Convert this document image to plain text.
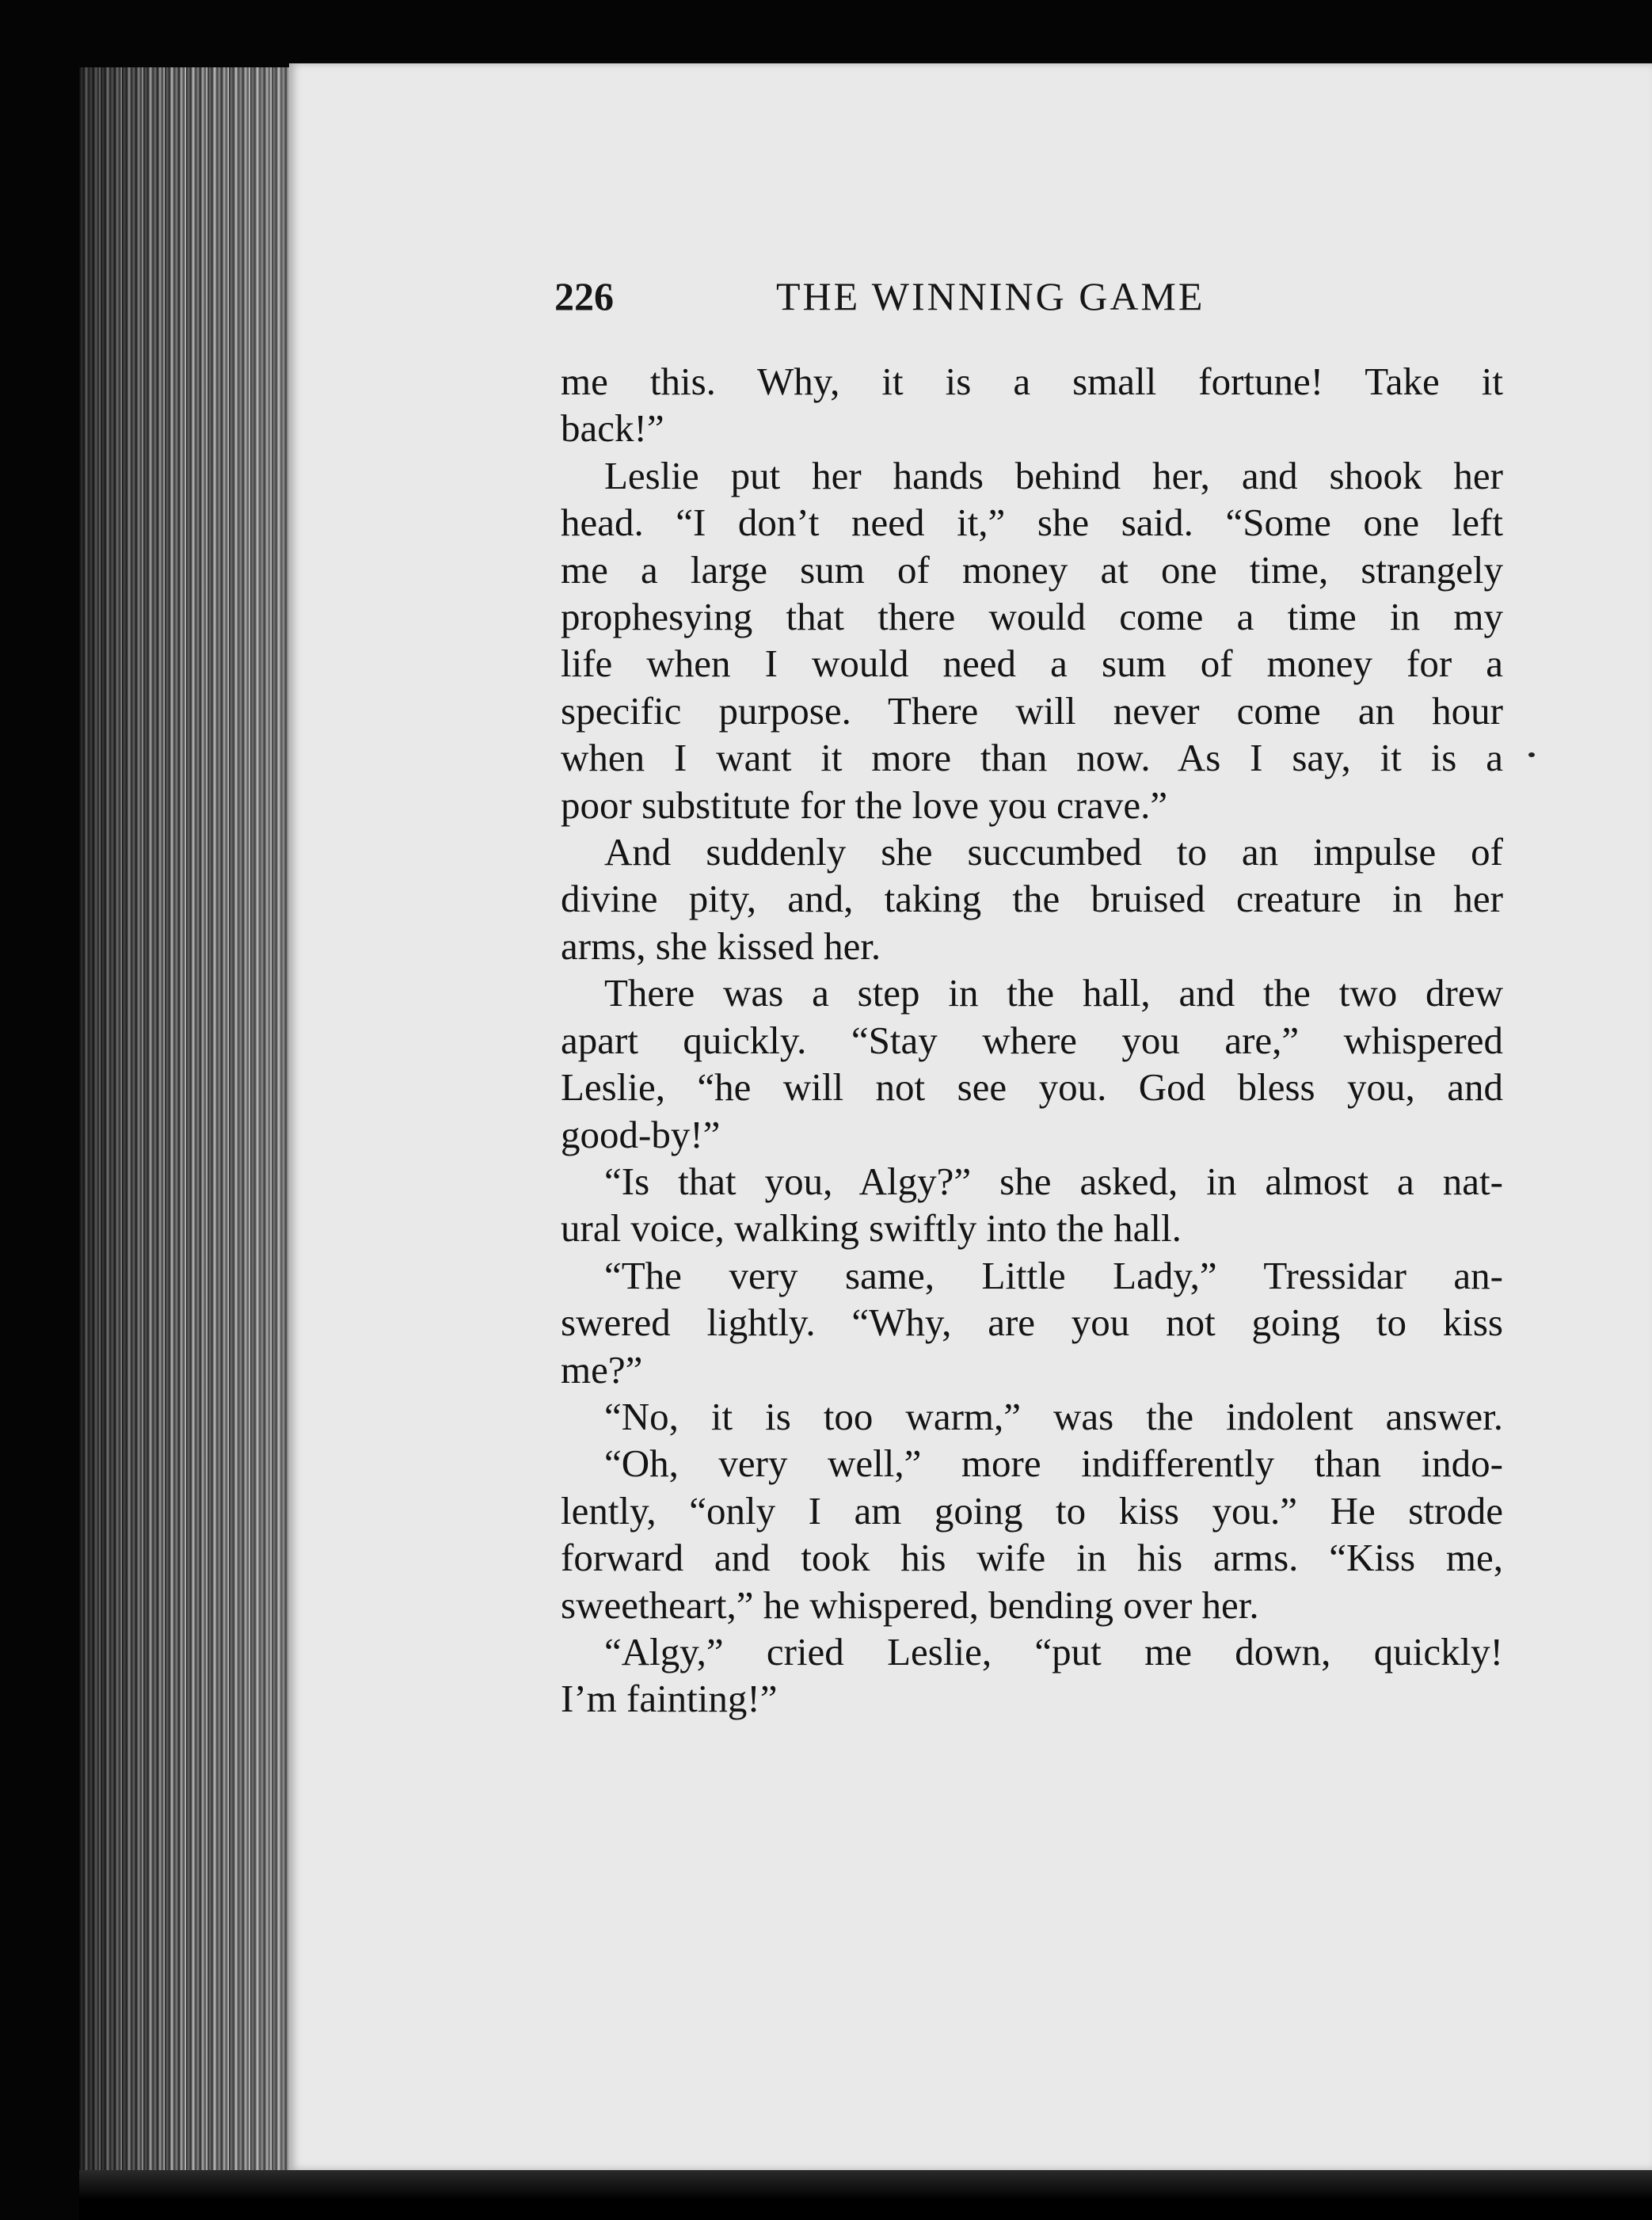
226	THE WINNING GAME
me this. Why, it is a small fortune! Take it
back!”
Leslie put her hands behind her, and shook her
head. “I don’t need it,” she said. “Some one left
me a large sum of money at one time, strangely
prophesying that there would come a time in my
life when I would need a sum of money for a
specific purpose. There will never come an hour
when I want it more than now. As I say, it is a
poor substitute for the love you crave.”
And suddenly she succumbed to an impulse of
divine pity, and, taking the bruised creature in her
arms, she kissed her.
There was a step in the hall, and the two drew
apart quickly. “Stay where you are,” whispered
Leslie, “he will not see you. God bless you, and
good-by!”
“Is that you, Algy?” she asked, in almost a nat-
ural voice, walking swiftly into the hall.
“The very same, Little Lady,” Tressidar an-
swered lightly. “Why, are you not going to kiss
me?”
“No, it is too warm,” was the indolent answer.
“Oh, very well,” more indifferently than indo-
lently, “only I am going to kiss you.” He strode
forward and took his wife in his arms. “Kiss me,
sweetheart,” he whispered, bending over her.
“Algy,” cried Leslie, “put me down, quickly!
I’m fainting!”
